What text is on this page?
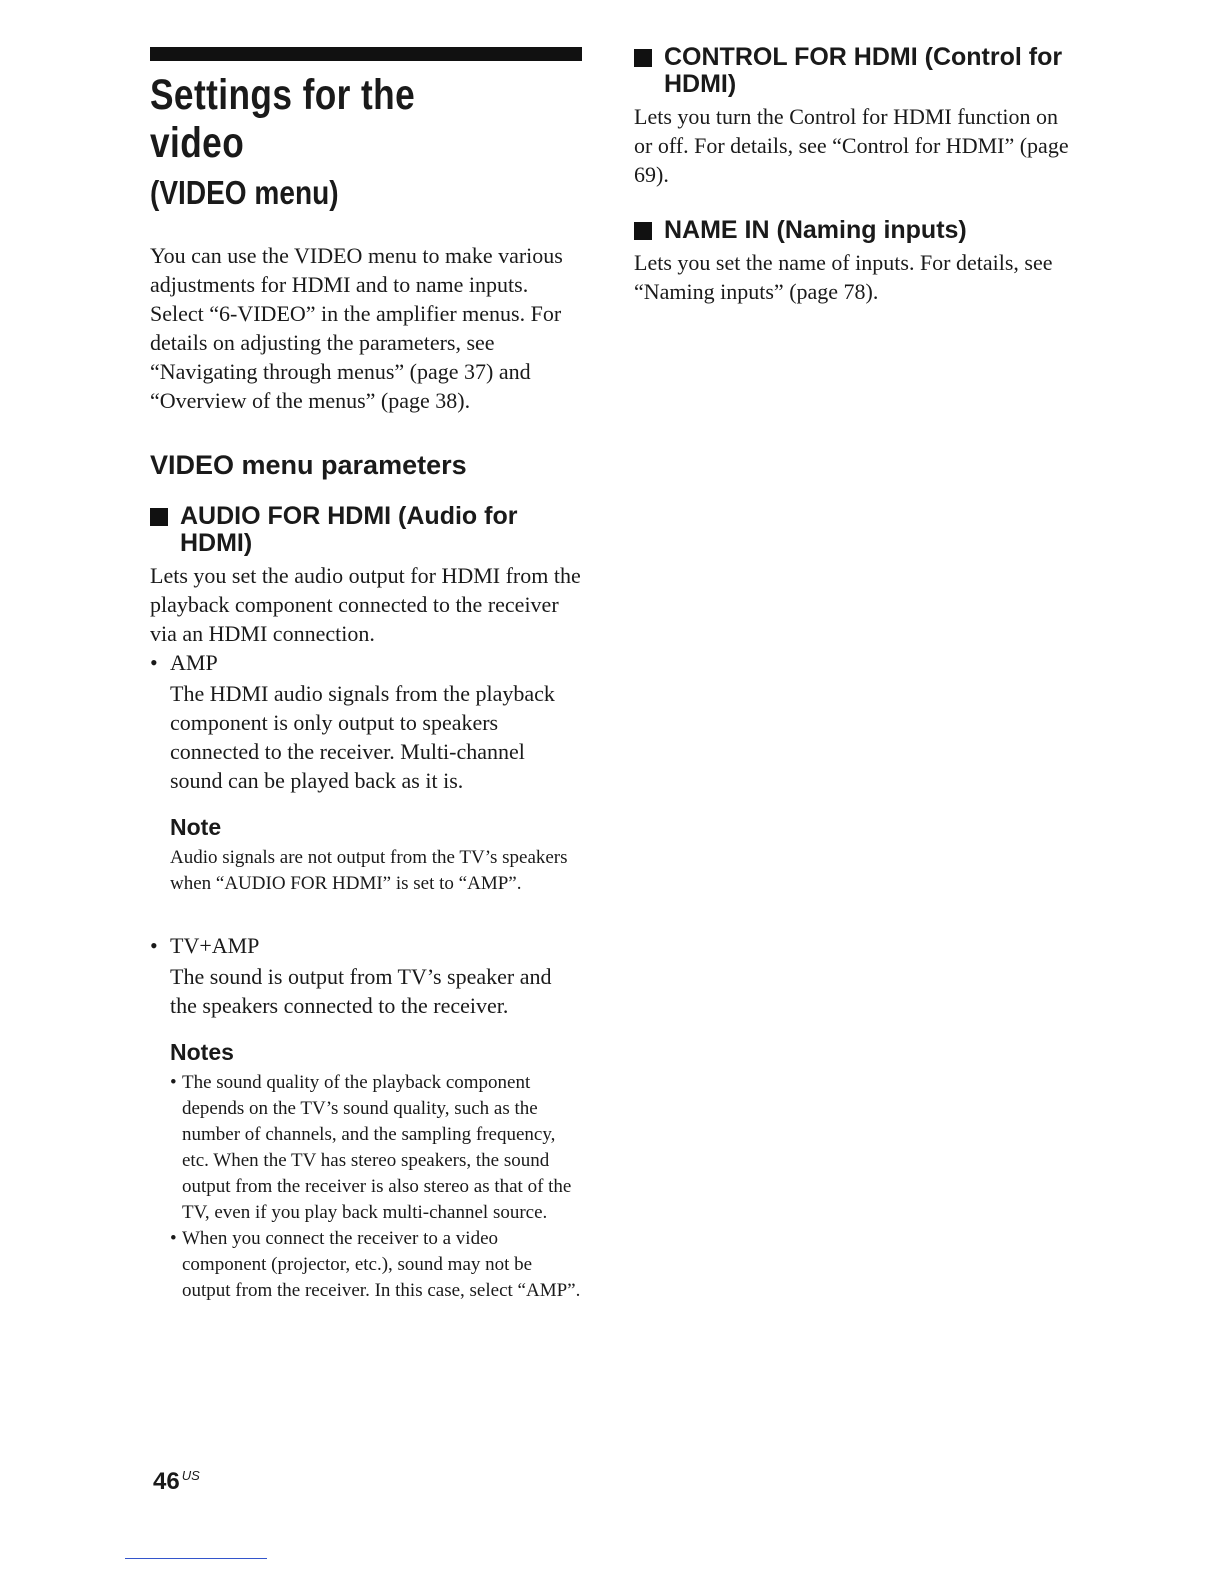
Settings for the video
(VIDEO menu)

You can use the VIDEO menu to make various adjustments for HDMI and to name inputs. Select “6-VIDEO” in the amplifier menus. For details on adjusting the parameters, see “Navigating through menus” (page 37) and “Overview of the menus” (page 38).

VIDEO menu parameters
AUDIO FOR HDMI (Audio for HDMI)

Lets you set the audio output for HDMI from the playback component connected to the receiver via an HDMI connection.

• AMP

The HDMI audio signals from the playback component is only output to speakers connected to the receiver. Multi-channel sound can be played back as it is.

Note

Audio signals are not output from the TV’s speakers when “AUDIO FOR HDMI” is set to “AMP”.

• TV+AMP

The sound is output from TV’s speaker and the speakers connected to the receiver.

Notes
• The sound quality of the playback component depends on the TV’s sound quality, such as the number of channels, and the sampling frequency, etc. When the TV has stereo speakers, the sound output from the receiver is also stereo as that of the TV, even if you play back multi-channel source.
• When you connect the receiver to a video component (projector, etc.), sound may not be output from the receiver. In this case, select “AMP”.
CONTROL FOR HDMI (Control for HDMI)

Lets you turn the Control for HDMI function on or off. For details, see “Control for HDMI” (page 69).

NAME IN (Naming inputs)

Lets you set the name of inputs. For details, see “Naming inputs” (page 78).

46 $^{US}$
